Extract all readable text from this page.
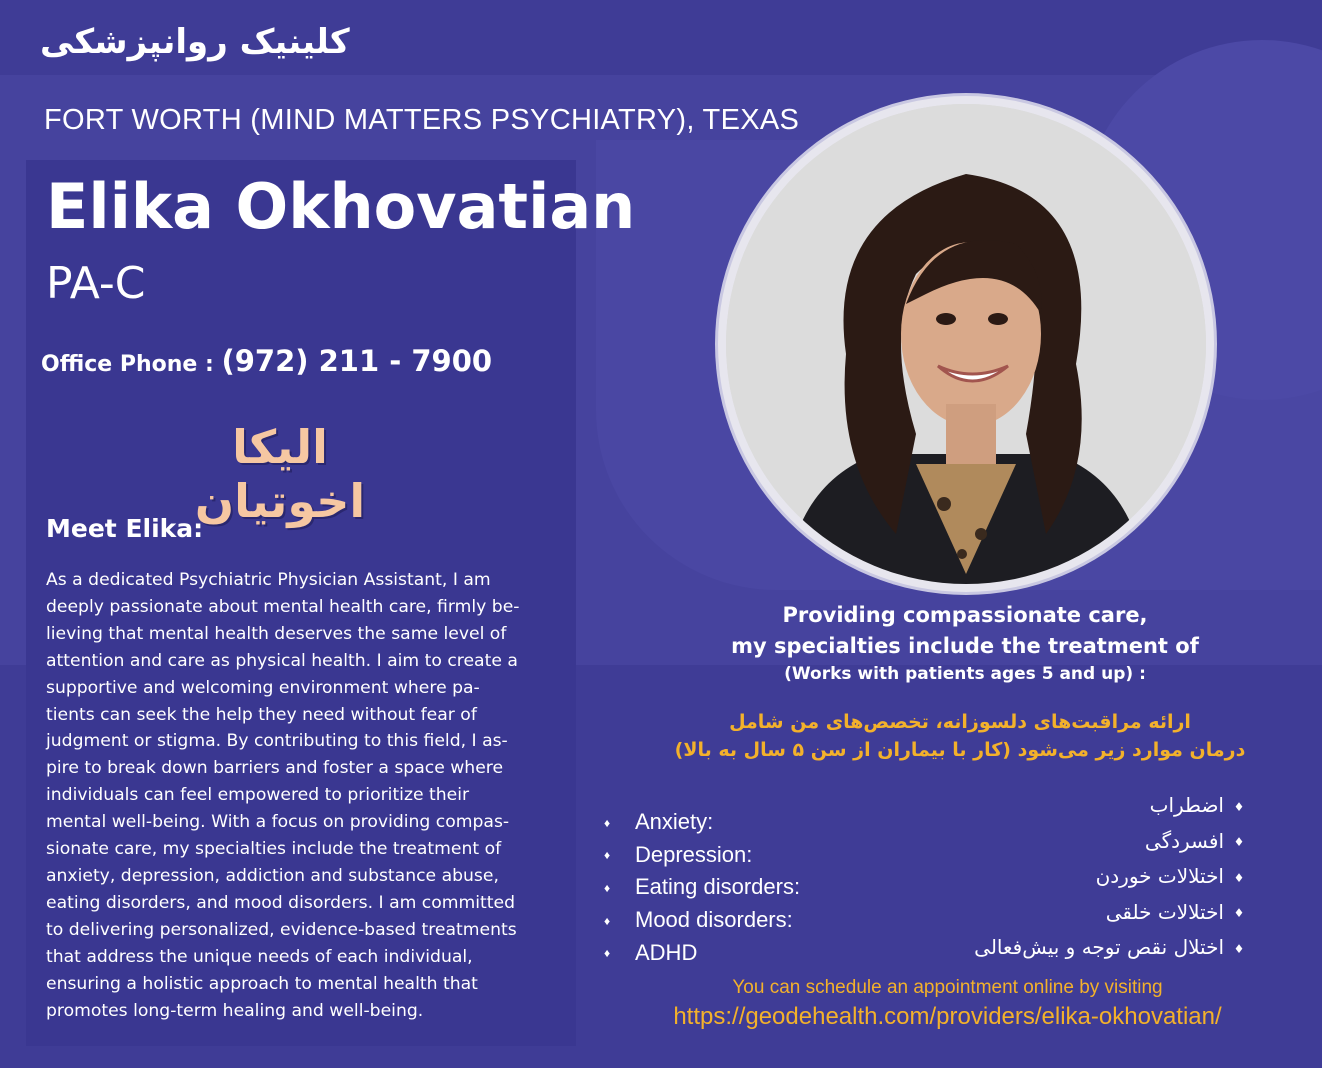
کلینیک روانپزشکی
FORT WORTH (MIND MATTERS PSYCHIATRY), TEXAS
Elika Okhovatian
PA-C
Office Phone : (972) 211 - 7900
الیکا اخوتیان
Meet Elika:
As a dedicated Psychiatric Physician Assistant, I am
deeply passionate about mental health care, firmly be-
lieving that mental health deserves the same level of
attention and care as physical health. I aim to create a
supportive and welcoming environment where pa-
tients can seek the help they need without fear of
judgment or stigma. By contributing to this field, I as-
pire to break down barriers and foster a space where
individuals can feel empowered to prioritize their
mental well-being. With a focus on providing compas-
sionate care, my specialties include the treatment of
anxiety, depression, addiction and substance abuse,
eating disorders, and mood disorders. I am committed
to delivering personalized, evidence-based treatments
that address the unique needs of each individual,
ensuring a holistic approach to mental health that
promotes long-term healing and well-being.
Providing compassionate care,
my specialties include the treatment of
(Works with patients ages 5 and up) :
ارائه مراقبت‌های دلسوزانه، تخصص‌های من شامل
درمان موارد زیر می‌شود (کار با بیماران از سن ۵ سال به بالا)
♦ Anxiety:
♦ Depression:
♦ Eating disorders:
♦ Mood disorders:
♦ ADHD
♦اضطراب
♦افسردگی
♦اختلالات خوردن
♦اختلالات خلقی
♦اختلال نقص توجه و بیش‌فعالی
You can schedule an appointment online by visiting
https://geodehealth.com/providers/elika-okhovatian/
